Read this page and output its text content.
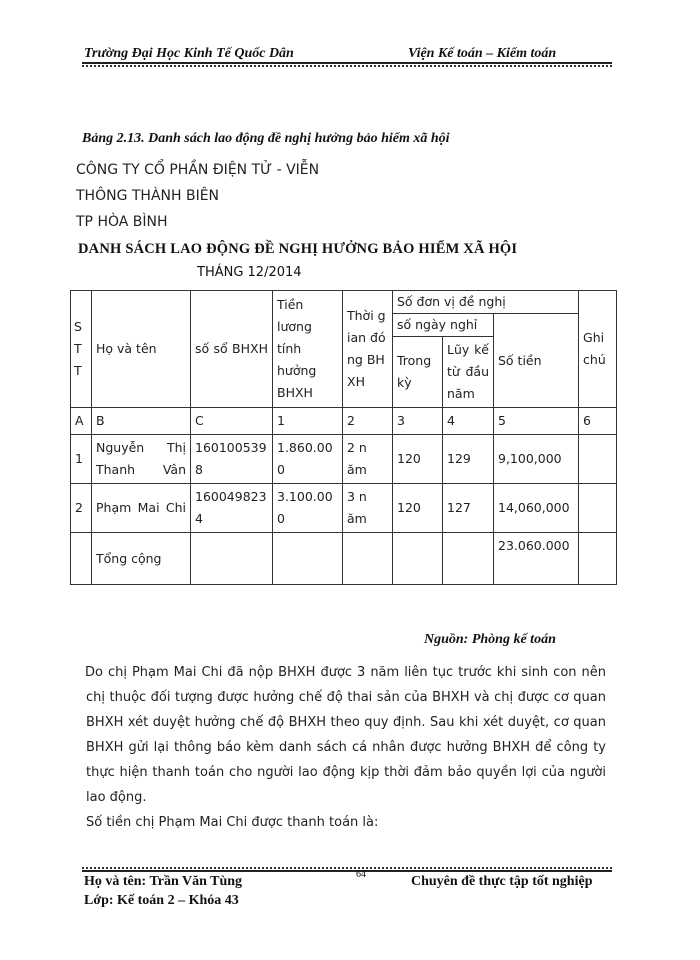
Trường Đại Học Kinh Tế Quốc Dân	Viện Kế toán – Kiểm toán
Bảng 2.13. Danh sách lao động đề nghị hưởng bảo hiểm xã hội
CÔNG TY CỔ PHẦN ĐIỆN TỬ - VIỄN
THÔNG THÀNH BIÊN
TP HÒA BÌNH
DANH SÁCH LAO ĐỘNG ĐỀ NGHỊ HƯỞNG BẢO HIỂM XÃ HỘI
THÁNG 12/2014
STT	Họ và tên	số sổ BHXH	Tiền lương tính hưởng BHXH	Thời gian đóng BHXH	Số đơn vị đề nghị			Ghi chú
					số ngày nghỉ		Số tiền	
					Trong kỳ	Lũy kế từ đầu năm		
A	B	C	1	2	3	4	5	6
1	Nguyễn Thị Thanh Vân	1601005398	1.860.000	2 năm	120	129	9,100,000	
2	Phạm Mai Chi	1600498234	3.100.000	3 năm	120	127	14,060,000	
	Tổng cộng						23.060.000	
Nguồn: Phòng kế toán

Do chị Phạm Mai Chi đã nộp BHXH được 3 năm liên tục trước khi sinh con nên chị thuộc đối tượng được hưởng chế độ thai sản của BHXH và chị được cơ quan BHXH xét duyệt hưởng chế độ BHXH theo quy định. Sau khi xét duyệt, cơ quan BHXH gửi lại thông báo kèm danh sách cá nhân được hưởng BHXH để công ty thực hiện thanh toán cho người lao động kịp thời đảm bảo quyền lợi của người lao động.

Số tiền chị Phạm Mai Chi được thanh toán là:

64
Họ và tên: Trần Văn Tùng
Lớp: Kế toán 2 – Khóa 43
Chuyên đề thực tập tốt nghiệp
